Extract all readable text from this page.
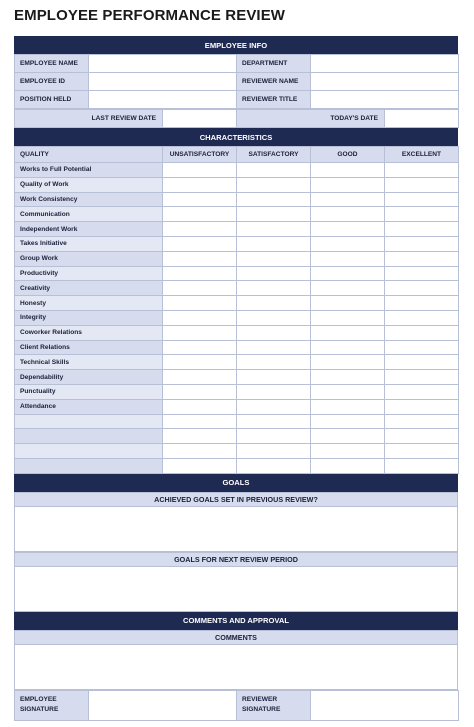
EMPLOYEE PERFORMANCE REVIEW
EMPLOYEE INFO
EMPLOYEE NAME		DEPARTMENT	
EMPLOYEE ID		REVIEWER NAME	
POSITION HELD		REVIEWER TITLE	
LAST REVIEW DATE		TODAY'S DATE	
CHARACTERISTICS
QUALITY	UNSATISFACTORY	SATISFACTORY	GOOD	EXCELLENT
Works to Full Potential				
Quality of Work				
Work Consistency				
Communication				
Independent Work				
Takes Initiative				
Group Work				
Productivity				
Creativity				
Honesty				
Integrity				
Coworker Relations				
Client Relations				
Technical Skills				
Dependability				
Punctuality				
Attendance				

GOALS
ACHIEVED GOALS SET IN PREVIOUS REVIEW?
GOALS FOR NEXT REVIEW PERIOD
COMMENTS AND APPROVAL
COMMENTS
EMPLOYEE SIGNATURE		REVIEWER SIGNATURE	
